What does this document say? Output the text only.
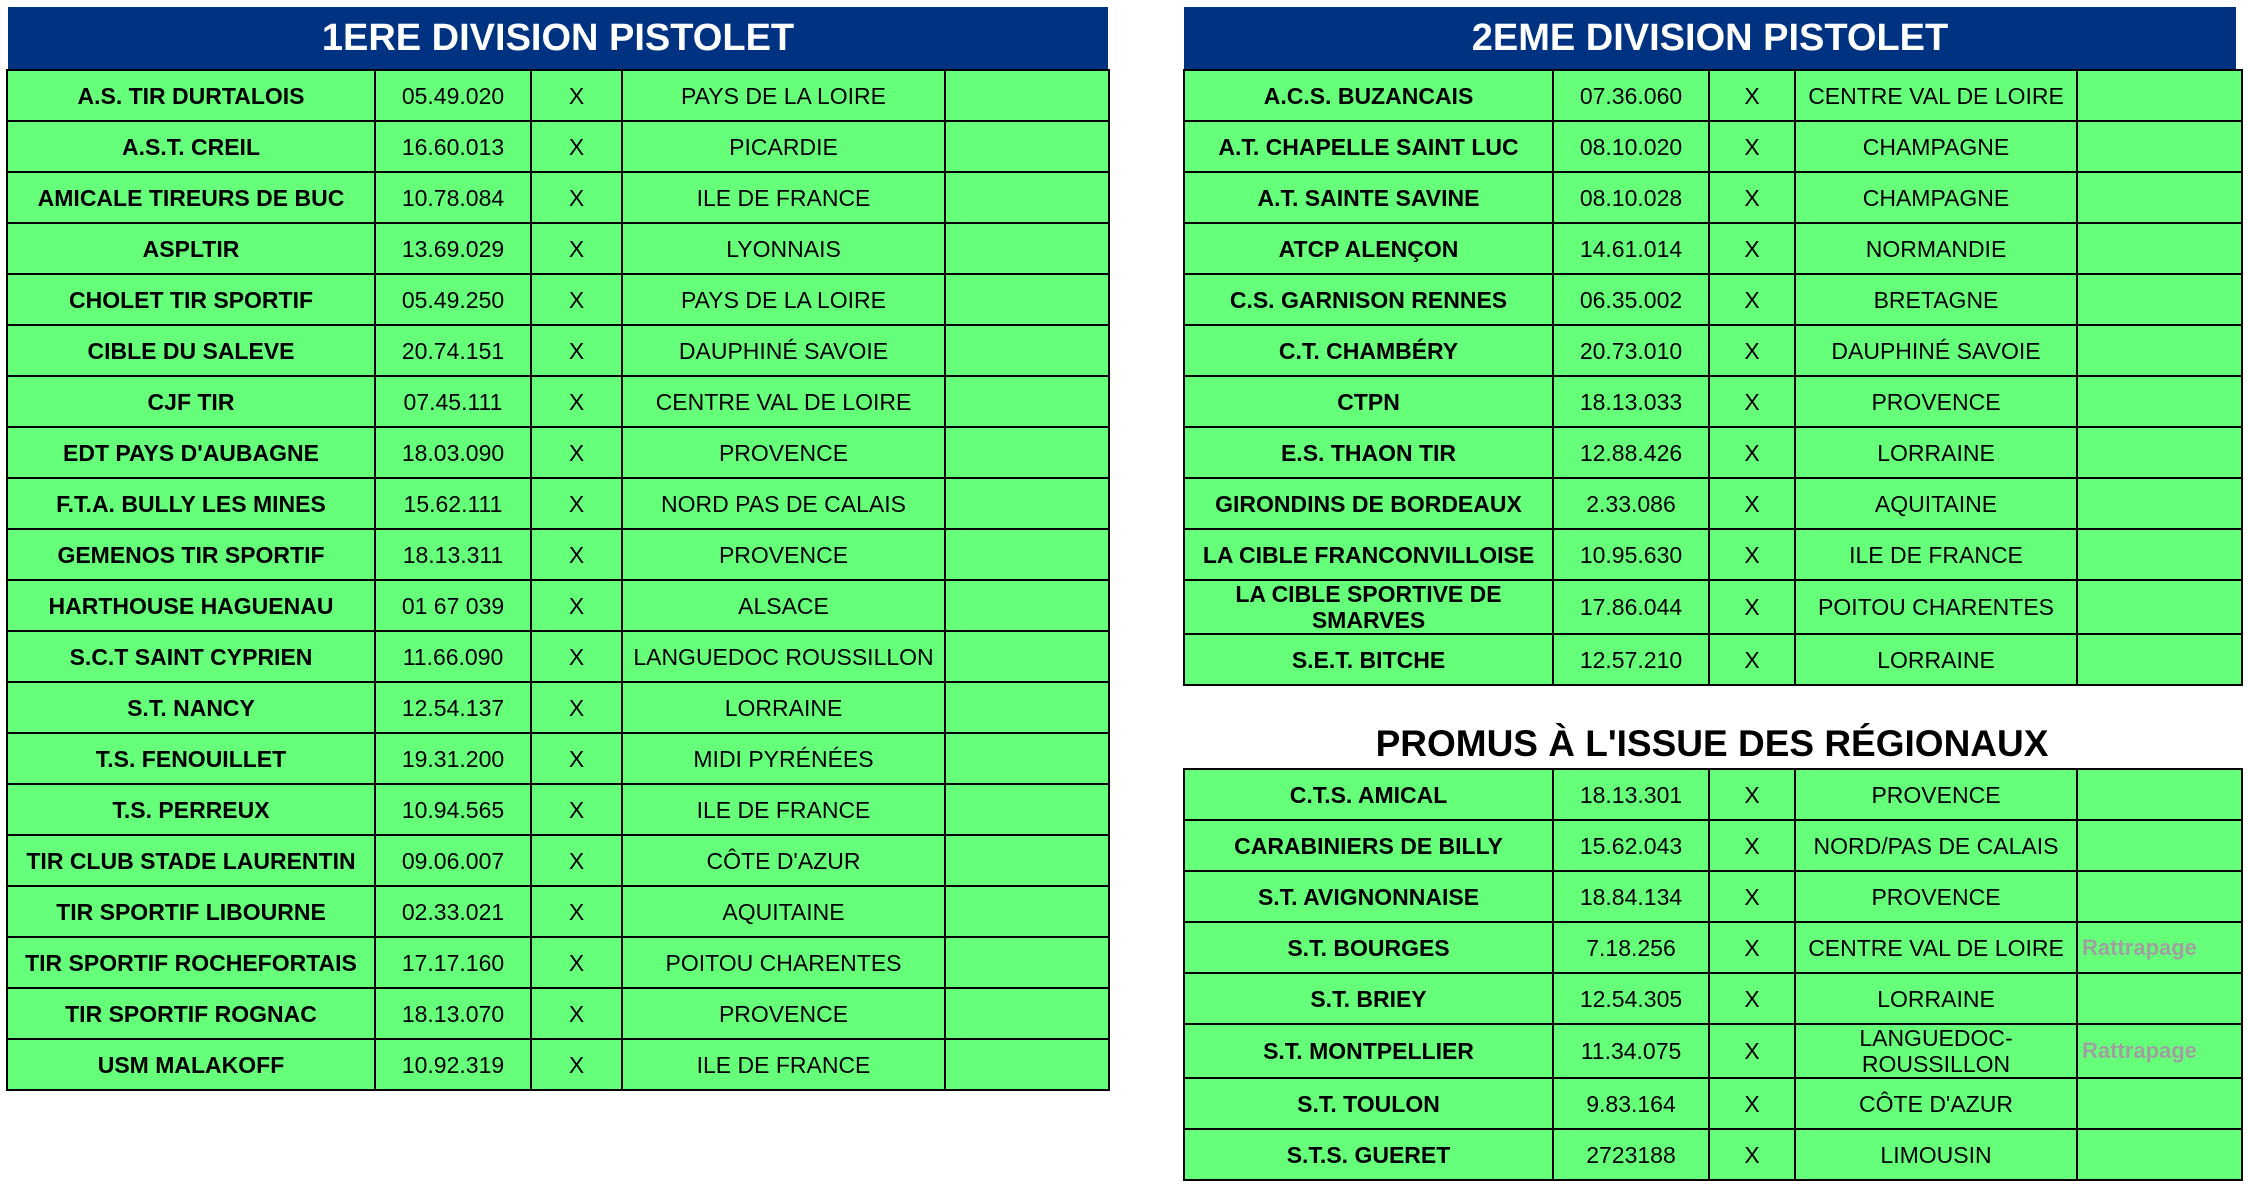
1ERE DIVISION PISTOLET
A.S. TIR DURTALOIS	05.49.020	X	PAYS DE LA LOIRE	
A.S.T. CREIL	16.60.013	X	PICARDIE	
AMICALE TIREURS DE BUC	10.78.084	X	ILE DE FRANCE	
ASPLTIR	13.69.029	X	LYONNAIS	
CHOLET TIR SPORTIF	05.49.250	X	PAYS DE LA LOIRE	
CIBLE DU SALEVE	20.74.151	X	DAUPHINÉ SAVOIE	
CJF TIR	07.45.111	X	CENTRE VAL DE LOIRE	
EDT PAYS D'AUBAGNE	18.03.090	X	PROVENCE	
F.T.A. BULLY LES MINES	15.62.111	X	NORD PAS DE CALAIS	
GEMENOS TIR SPORTIF	18.13.311	X	PROVENCE	
HARTHOUSE HAGUENAU	01 67 039	X	ALSACE	
S.C.T SAINT CYPRIEN	11.66.090	X	LANGUEDOC ROUSSILLON	
S.T. NANCY	12.54.137	X	LORRAINE	
T.S. FENOUILLET	19.31.200	X	MIDI PYRÉNÉES	
T.S. PERREUX	10.94.565	X	ILE DE FRANCE	
TIR CLUB STADE LAURENTIN	09.06.007	X	CÔTE D'AZUR	
TIR SPORTIF LIBOURNE	02.33.021	X	AQUITAINE	
TIR SPORTIF ROCHEFORTAIS	17.17.160	X	POITOU CHARENTES	
TIR SPORTIF ROGNAC	18.13.070	X	PROVENCE	
USM MALAKOFF	10.92.319	X	ILE DE FRANCE	
2EME DIVISION PISTOLET
A.C.S. BUZANCAIS	07.36.060	X	CENTRE VAL DE LOIRE	
A.T. CHAPELLE SAINT LUC	08.10.020	X	CHAMPAGNE	
A.T. SAINTE SAVINE	08.10.028	X	CHAMPAGNE	
ATCP ALENÇON	14.61.014	X	NORMANDIE	
C.S. GARNISON RENNES	06.35.002	X	BRETAGNE	
C.T. CHAMBÉRY	20.73.010	X	DAUPHINÉ SAVOIE	
CTPN	18.13.033	X	PROVENCE	
E.S. THAON TIR	12.88.426	X	LORRAINE	
GIRONDINS DE BORDEAUX	2.33.086	X	AQUITAINE	
LA CIBLE FRANCONVILLOISE	10.95.630	X	ILE DE FRANCE	
LA CIBLE SPORTIVE DE SMARVES	17.86.044	X	POITOU CHARENTES	
S.E.T. BITCHE	12.57.210	X	LORRAINE	
PROMUS À L'ISSUE DES RÉGIONAUX
C.T.S. AMICAL	18.13.301	X	PROVENCE	
CARABINIERS DE BILLY	15.62.043	X	NORD/PAS DE CALAIS	
S.T. AVIGNONNAISE	18.84.134	X	PROVENCE	
S.T. BOURGES	7.18.256	X	CENTRE VAL DE LOIRE	Rattrapage
S.T. BRIEY	12.54.305	X	LORRAINE	
S.T. MONTPELLIER	11.34.075	X	LANGUEDOC-ROUSSILLON	Rattrapage
S.T. TOULON	9.83.164	X	CÔTE D'AZUR	
S.T.S. GUERET	2723188	X	LIMOUSIN	
